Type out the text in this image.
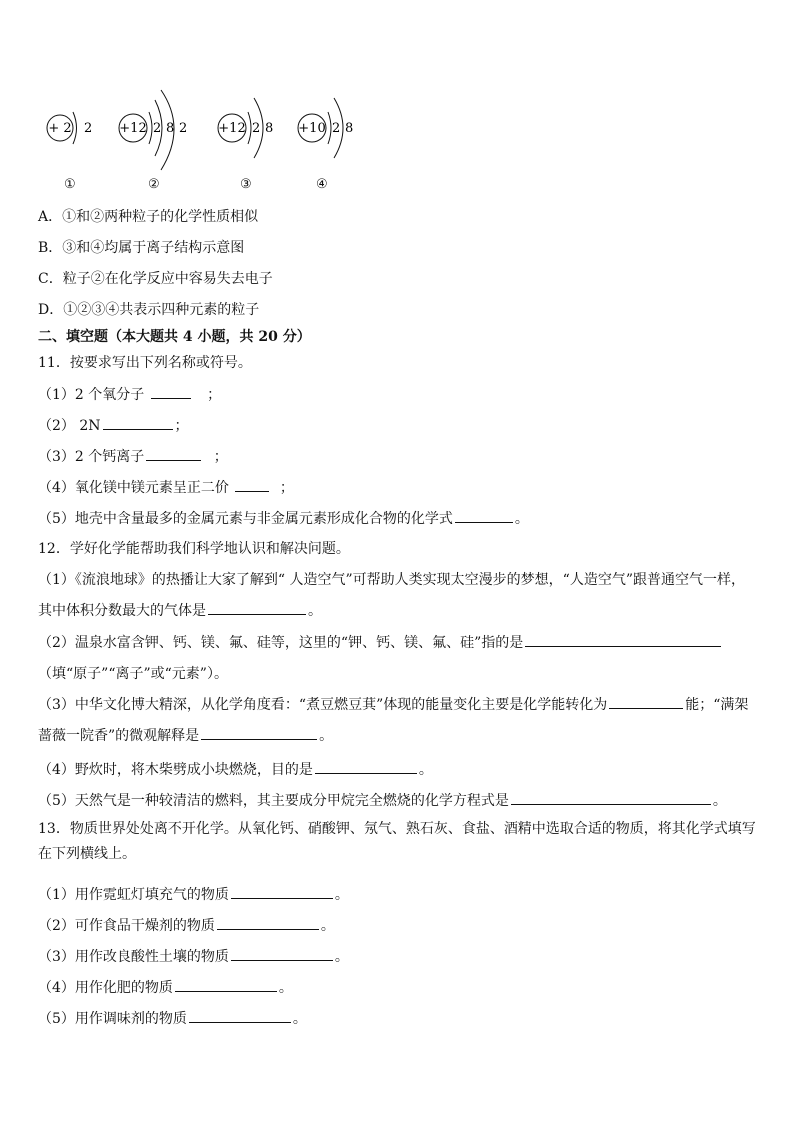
+ 2 2 +12 2 8 2 +12 2 8 +10 2 8
①	②	③	④
A．①和②两种粒子的化学性质相似
B．③和④均属于离子结构示意图
C．粒子②在化学反应中容易失去电子
D．①②③④共表示四种元素的粒子
二、填空题（本大题共 4 小题，共 20 分）
11．按要求写出下列名称或符号。
（1）2 个氧分子	；
（2） 2N	；
（3）2 个钙离子	；
（4）氧化镁中镁元素呈正二价	；
（5）地壳中含量最多的金属元素与非金属元素形成化合物的化学式	。
12．学好化学能帮助我们科学地认识和解决问题。
（1）《流浪地球》的热播让大家了解到“ 人造空气”可帮助人类实现太空漫步的梦想，“人造空气”跟普通空气一样，其中体积分数最大的气体是	。
（2）温泉水富含钾、钙、镁、氟、硅等，这里的“钾、钙、镁、氟、硅”指的是（填“原子”“离子”或“元素”）。
（3）中华文化博大精深，从化学角度看：“煮豆燃豆萁”体现的能量变化主要是化学能转化为	能；“满架蔷薇一院香”的微观解释是	。
（4）野炊时，将木柴劈成小块燃烧，目的是	。
（5）天然气是一种较清洁的燃料，其主要成分甲烷完全燃烧的化学方程式是	。
13．物质世界处处离不开化学。从氧化钙、硝酸钾、氖气、熟石灰、食盐、酒精中选取合适的物质，将其化学式填写在下列横线上。
（1）用作霓虹灯填充气的物质	。
（2）可作食品干燥剂的物质	。
（3）用作改良酸性土壤的物质	。
（4）用作化肥的物质	。
（5）用作调味剂的物质	。
